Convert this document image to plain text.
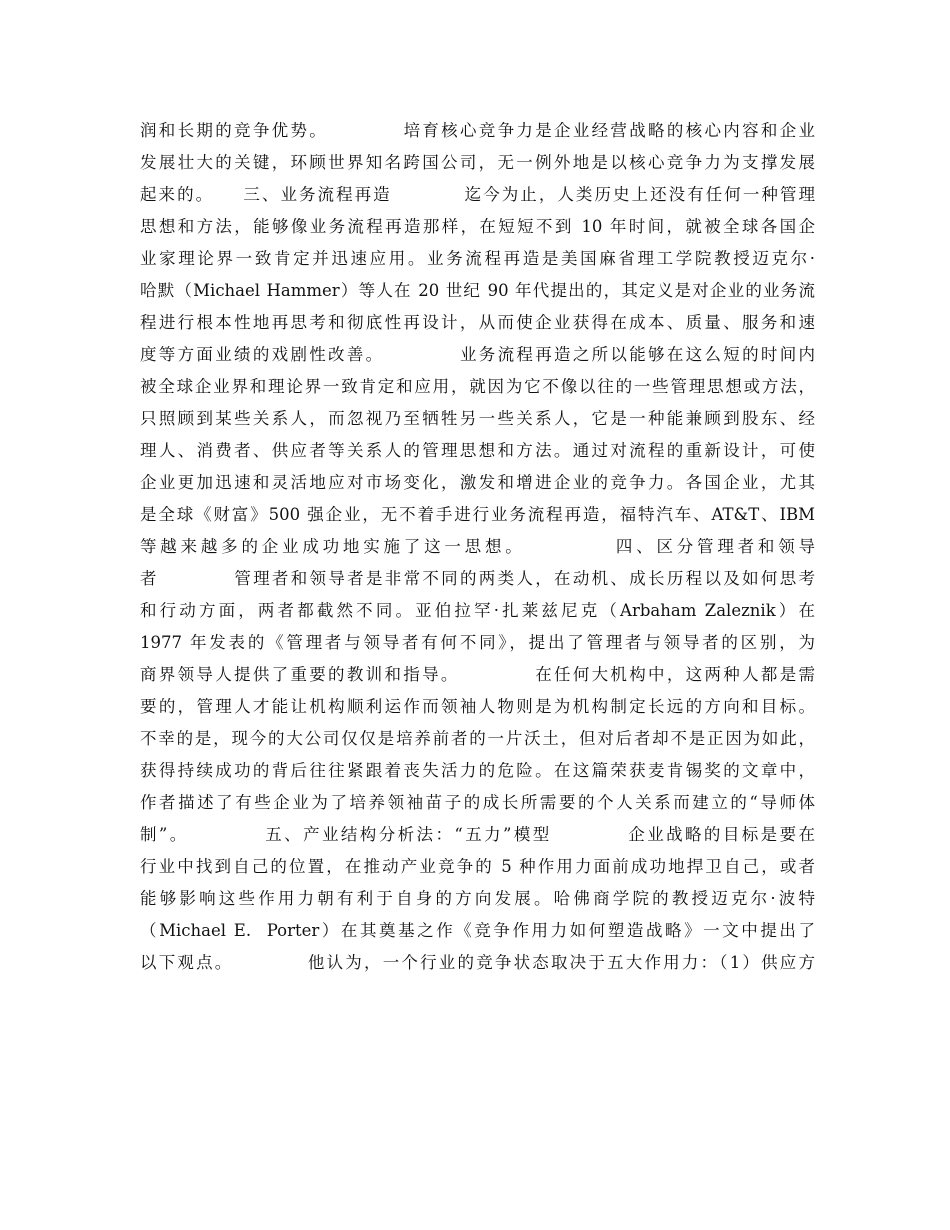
润和长期的竞争优势。          培育核心竞争力是企业经营战略的核心内容和企业
发展壮大的关键，环顾世界知名跨国公司，无一例外地是以核心竞争力为支撑发展
起来的。    三、业务流程再造          迄今为止，人类历史上还没有任何一种管理
思想和方法，能够像业务流程再造那样，在短短不到 10 年时间，就被全球各国企
业家理论界一致肯定并迅速应用。业务流程再造是美国麻省理工学院教授迈克尔·
哈默（Michael Hammer）等人在 20 世纪 90 年代提出的，其定义是对企业的业务流
程进行根本性地再思考和彻底性再设计，从而使企业获得在成本、质量、服务和速
度等方面业绩的戏剧性改善。          业务流程再造之所以能够在这么短的时间内
被全球企业界和理论界一致肯定和应用，就因为它不像以往的一些管理思想或方法，
只照顾到某些关系人，而忽视乃至牺牲另一些关系人，它是一种能兼顾到股东、经
理人、消费者、供应者等关系人的管理思想和方法。通过对流程的重新设计，可使
企业更加迅速和灵活地应对市场变化，激发和增进企业的竞争力。各国企业，尤其
是全球《财富》500 强企业，无不着手进行业务流程再造，福特汽车、AT&T、IBM
等越来越多的企业成功地实施了这一思想。          四、区分管理者和领导
者          管理者和领导者是非常不同的两类人，在动机、成长历程以及如何思考
和行动方面，两者都截然不同。亚伯拉罕·扎莱兹尼克（Arbaham Zaleznik）在
1977 年发表的《管理者与领导者有何不同》，提出了管理者与领导者的区别，为
商界领导人提供了重要的教训和指导。          在任何大机构中，这两种人都是需
要的，管理人才能让机构顺利运作而领袖人物则是为机构制定长远的方向和目标。
不幸的是，现今的大公司仅仅是培养前者的一片沃土，但对后者却不是正因为如此，
获得持续成功的背后往往紧跟着丧失活力的危险。在这篇荣获麦肯锡奖的文章中，
作者描述了有些企业为了培养领袖苗子的成长所需要的个人关系而建立的“导师体
制”。          五、产业结构分析法：“五力”模型          企业战略的目标是要在
行业中找到自己的位置，在推动产业竞争的 5 种作用力面前成功地捍卫自己，或者
能够影响这些作用力朝有利于自身的方向发展。哈佛商学院的教授迈克尔·波特
（Michael E.  Porter）在其奠基之作《竞争作用力如何塑造战略》一文中提出了
以下观点。          他认为，一个行业的竞争状态取决于五大作用力：（1）供应方
